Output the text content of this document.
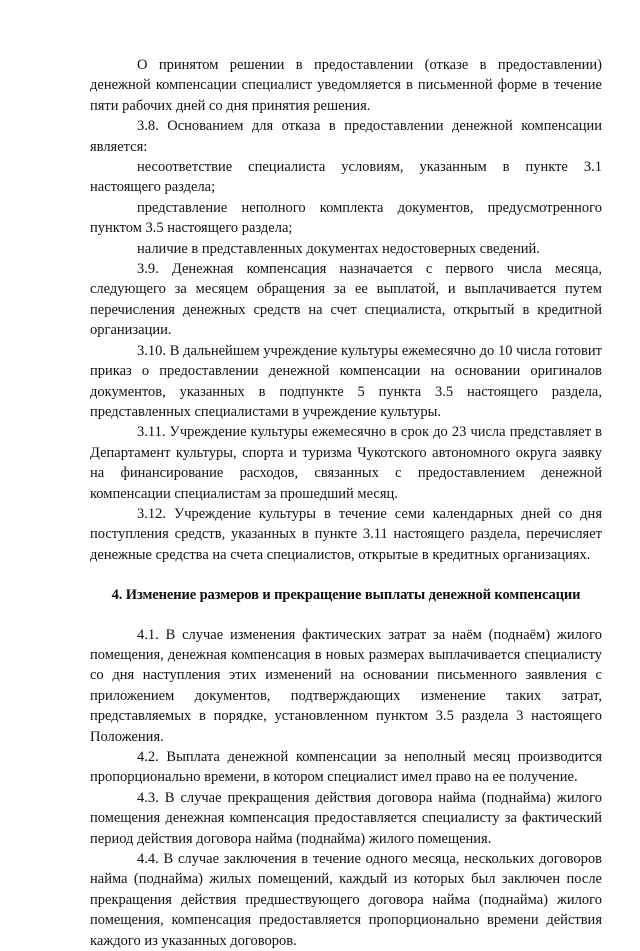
О принятом решении в предоставлении (отказе в предоставлении) денежной компенсации специалист уведомляется в письменной форме в течение пяти рабочих дней со дня принятия решения.

3.8. Основанием для отказа в предоставлении денежной компенсации является:

несоответствие специалиста условиям, указанным в пункте 3.1 настоящего раздела;

представление неполного комплекта документов, предусмотренного пунктом 3.5 настоящего раздела;

наличие в представленных документах недостоверных сведений.

3.9. Денежная компенсация назначается с первого числа месяца, следующего за месяцем обращения за ее выплатой, и выплачивается путем перечисления денежных средств на счет специалиста, открытый в кредитной организации.

3.10. В дальнейшем учреждение культуры ежемесячно до 10 числа готовит приказ о предоставлении денежной компенсации на основании оригиналов документов, указанных в подпункте 5 пункта 3.5 настоящего раздела, представленных специалистами в учреждение культуры.

3.11. Учреждение культуры ежемесячно в срок до 23 числа представляет в Департамент культуры, спорта и туризма Чукотского автономного округа заявку на финансирование расходов, связанных с предоставлением денежной компенсации специалистам за прошедший месяц.

3.12. Учреждение культуры в течение семи календарных дней со дня поступления средств, указанных в пункте 3.11 настоящего раздела, перечисляет денежные средства на счета специалистов, открытые в кредитных организациях.

4. Изменение размеров и прекращение выплаты денежной компенсации

4.1. В случае изменения фактических затрат за наём (поднаём) жилого помещения, денежная компенсация в новых размерах выплачивается специалисту со дня наступления этих изменений на основании письменного заявления с приложением документов, подтверждающих изменение таких затрат, представляемых в порядке, установленном пунктом 3.5 раздела 3 настоящего Положения.

4.2. Выплата денежной компенсации за неполный месяц производится пропорционально времени, в котором специалист имел право на ее получение.

4.3. В случае прекращения действия договора найма (поднайма) жилого помещения денежная компенсация предоставляется специалисту за фактический период действия договора найма (поднайма) жилого помещения.

4.4. В случае заключения в течение одного месяца, нескольких договоров найма (поднайма) жилых помещений, каждый из которых был заключен после прекращения действия предшествующего договора найма (поднайма) жилого помещения, компенсация предоставляется пропорционально времени действия каждого из указанных договоров.
